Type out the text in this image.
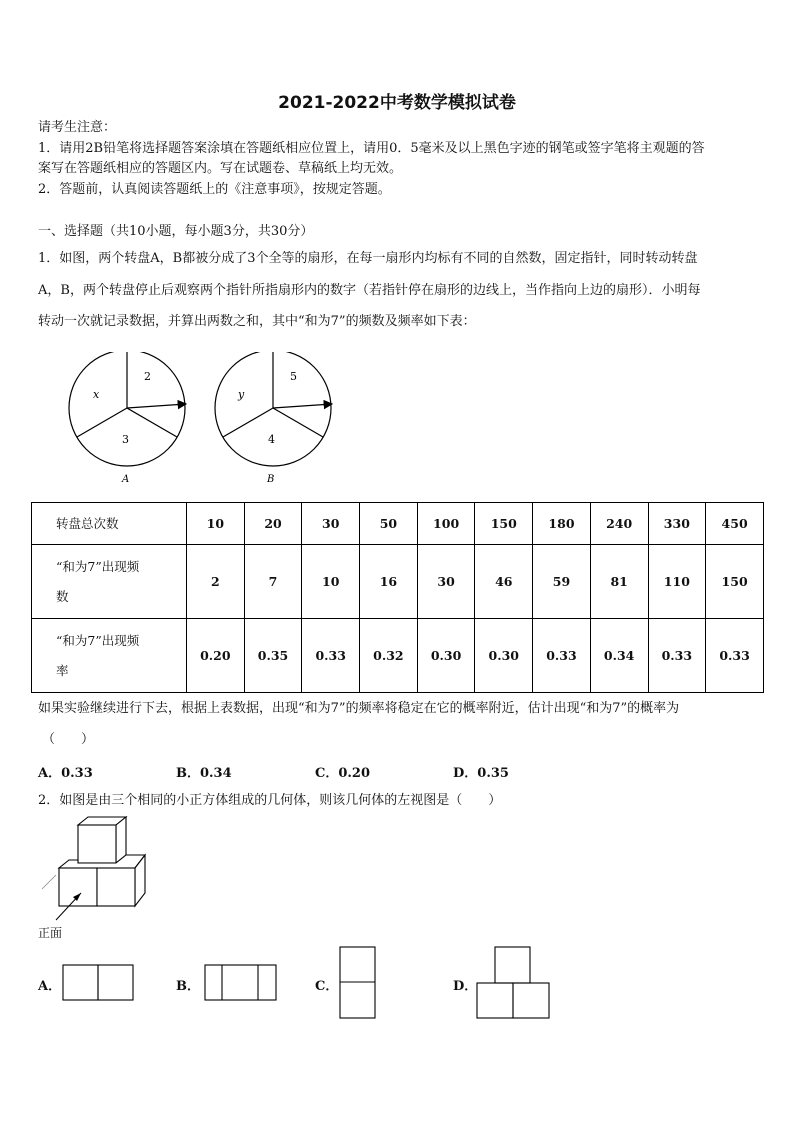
2021-2022中考数学模拟试卷
请考生注意：
1．请用2B铅笔将选择题答案涂填在答题纸相应位置上，请用0．5毫米及以上黑色字迹的钢笔或签字笔将主观题的答
案写在答题纸相应的答题区内。写在试题卷、草稿纸上均无效。
2．答题前，认真阅读答题纸上的《注意事项》，按规定答题。
一、选择题（共10小题，每小题3分，共30分）
1．如图，两个转盘A，B都被分成了3个全等的扇形，在每一扇形内均标有不同的自然数，固定指针，同时转动转盘
A，B，两个转盘停止后观察两个指针所指扇形内的数字（若指针停在扇形的边线上，当作指向上边的扇形）．小明每
转动一次就记录数据，并算出两数之和，其中“和为7”的频数及频率如下表：
x
2
3
A
y
5
4
B
转盘总次数	10	20	30	50	100	150	180	240	330	450

“和为7”出现频
数	2	7	10	16	30	46	59	81	110	150

“和为7”出现频
率	0.20	0.35	0.33	0.32	0.30	0.30	0.33	0.34	0.33	0.33
如果实验继续进行下去，根据上表数据，出现“和为7”的频率将稳定在它的概率附近，估计出现“和为7”的概率为
（　　）
A．0.33	B．0.34	C．0.20	D．0.35
2．如图是由三个相同的小正方体组成的几何体，则该几何体的左视图是（　　）
正面
A．	B．	C．	D．
